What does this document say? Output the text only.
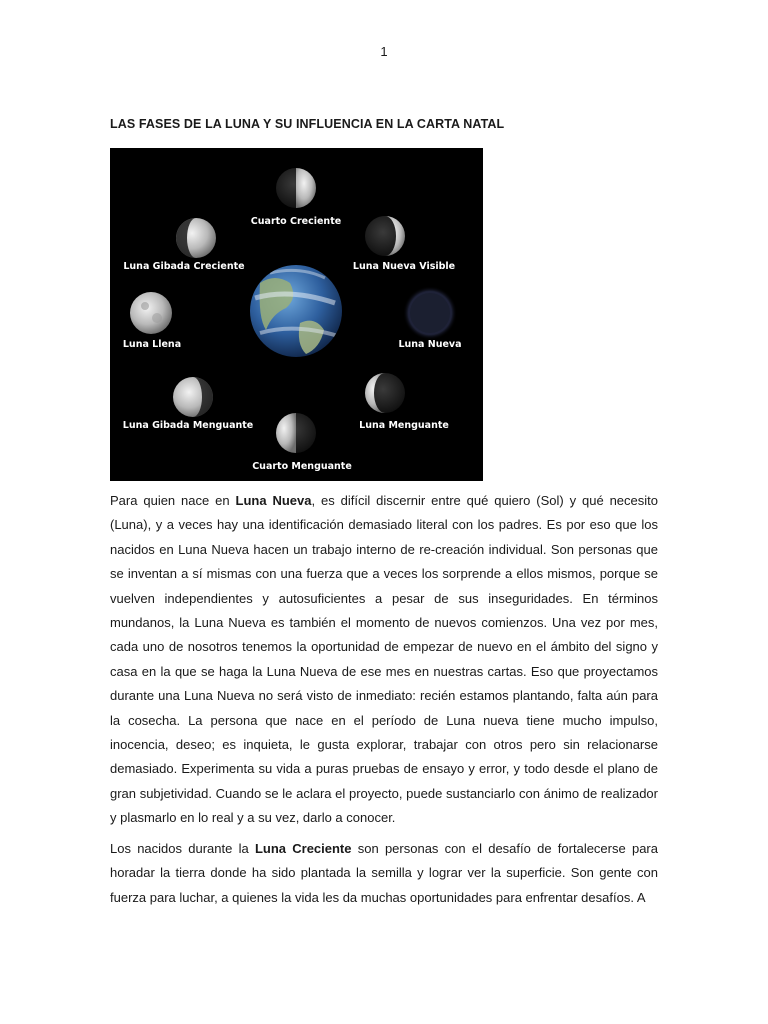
1
LAS FASES DE LA LUNA Y SU INFLUENCIA EN LA CARTA NATAL
Cuarto Creciente
Luna Gibada Creciente	Luna Nueva Visible
Luna Llena	Luna Nueva
Luna Gibada Menguante	Luna Menguante
Cuarto Menguante

Para quien nace en Luna Nueva, es difícil discernir entre qué quiero (Sol) y qué necesito (Luna), y a veces hay una identificación demasiado literal con los padres. Es por eso que los nacidos en Luna Nueva hacen un trabajo interno de re-creación individual. Son personas que se inventan a sí mismas con una fuerza que a veces los sorprende a ellos mismos, porque se vuelven independientes y autosuficientes a pesar de sus inseguridades. En términos mundanos, la Luna Nueva es también el momento de nuevos comienzos. Una vez por mes, cada uno de nosotros tenemos la oportunidad de empezar de nuevo en el ámbito del signo y casa en la que se haga la Luna Nueva de ese mes en nuestras cartas. Eso que proyectamos durante una Luna Nueva no será visto de inmediato: recién estamos plantando, falta aún para la cosecha. La persona que nace en el período de Luna nueva tiene mucho impulso, inocencia, deseo; es inquieta, le gusta explorar, trabajar con otros pero sin relacionarse demasiado. Experimenta su vida a puras pruebas de ensayo y error, y todo desde el plano de gran subjetividad. Cuando se le aclara el proyecto, puede sustanciarlo con ánimo de realizador y plasmarlo en lo real y a su vez, darlo a conocer.

Los nacidos durante la Luna Creciente son personas con el desafío de fortalecerse para horadar la tierra donde ha sido plantada la semilla y lograr ver la superficie. Son gente con fuerza para luchar, a quienes la vida les da muchas oportunidades para enfrentar desafíos. A
